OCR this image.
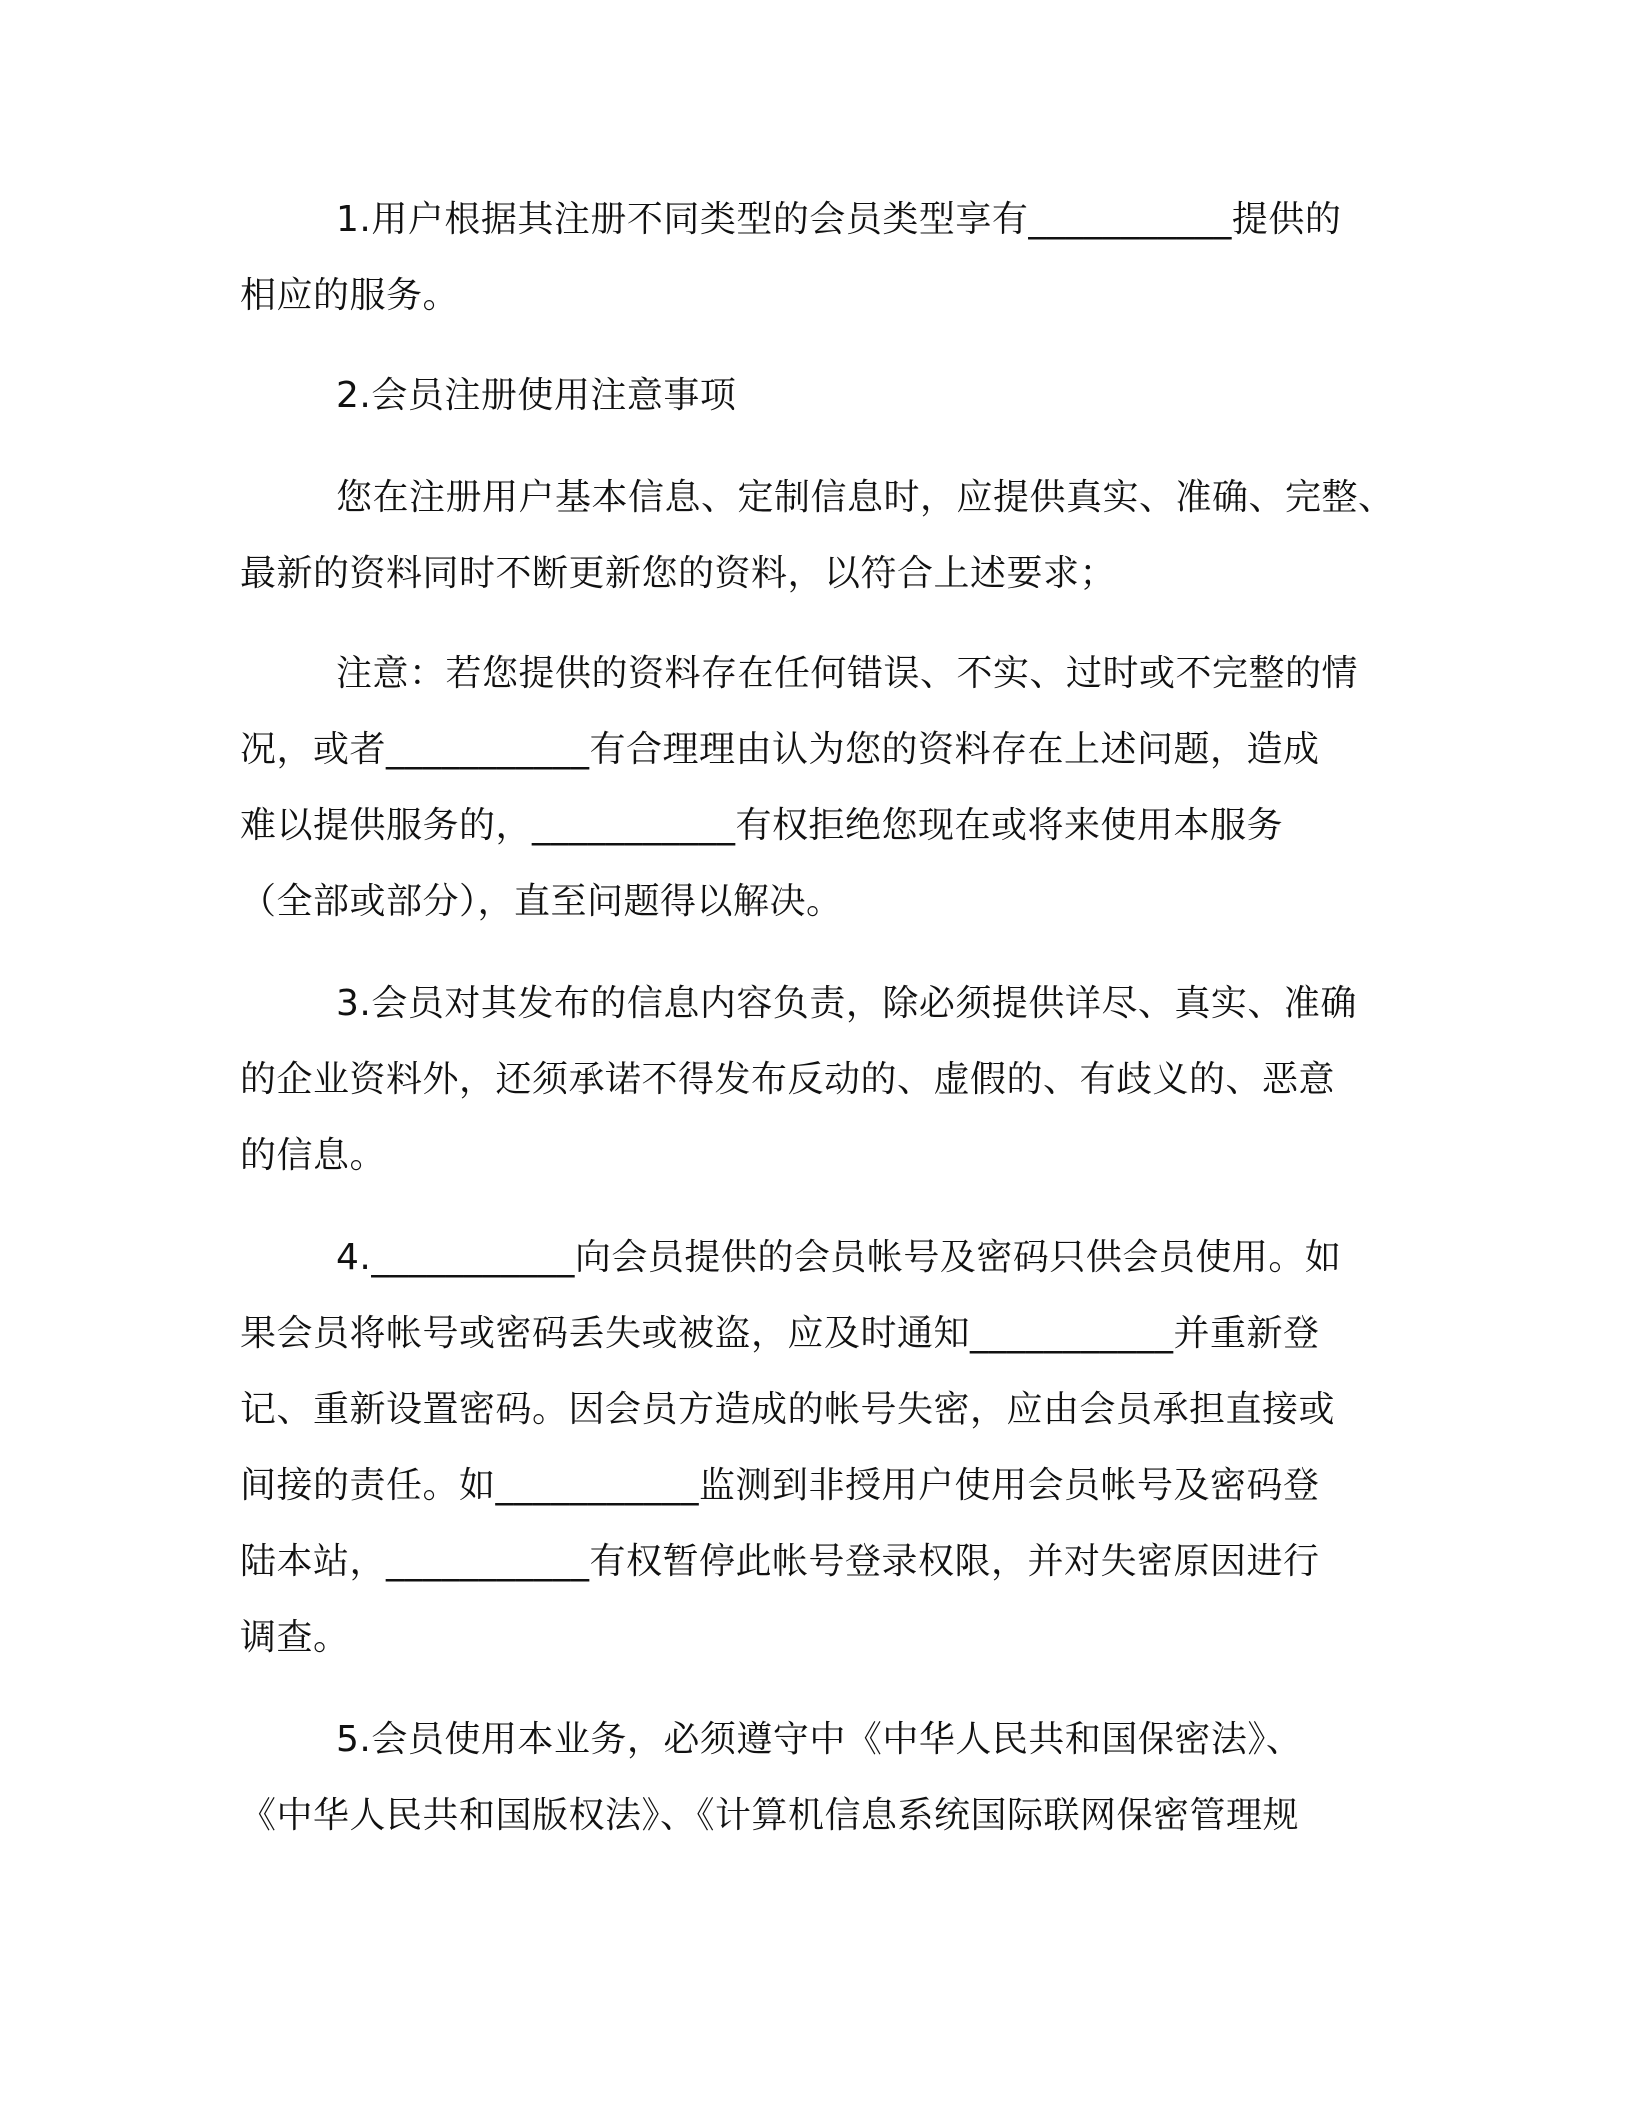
1.用户根据其注册不同类型的会员类型享有___________提供的
相应的服务。
2.会员注册使用注意事项
您在注册用户基本信息、定制信息时，应提供真实、准确、完整、
最新的资料同时不断更新您的资料，以符合上述要求；
注意：若您提供的资料存在任何错误、不实、过时或不完整的情
况，或者___________有合理理由认为您的资料存在上述问题，造成
难以提供服务的，___________有权拒绝您现在或将来使用本服务
（全部或部分），直至问题得以解决。
3.会员对其发布的信息内容负责，除必须提供详尽、真实、准确
的企业资料外，还须承诺不得发布反动的、虚假的、有歧义的、恶意
的信息。
4.___________向会员提供的会员帐号及密码只供会员使用。如
果会员将帐号或密码丢失或被盗，应及时通知___________并重新登
记、重新设置密码。因会员方造成的帐号失密，应由会员承担直接或
间接的责任。如___________监测到非授用户使用会员帐号及密码登
陆本站，___________有权暂停此帐号登录权限，并对失密原因进行
调查。
5.会员使用本业务，必须遵守中《中华人民共和国保密法》、
《中华人民共和国版权法》、《计算机信息系统国际联网保密管理规
